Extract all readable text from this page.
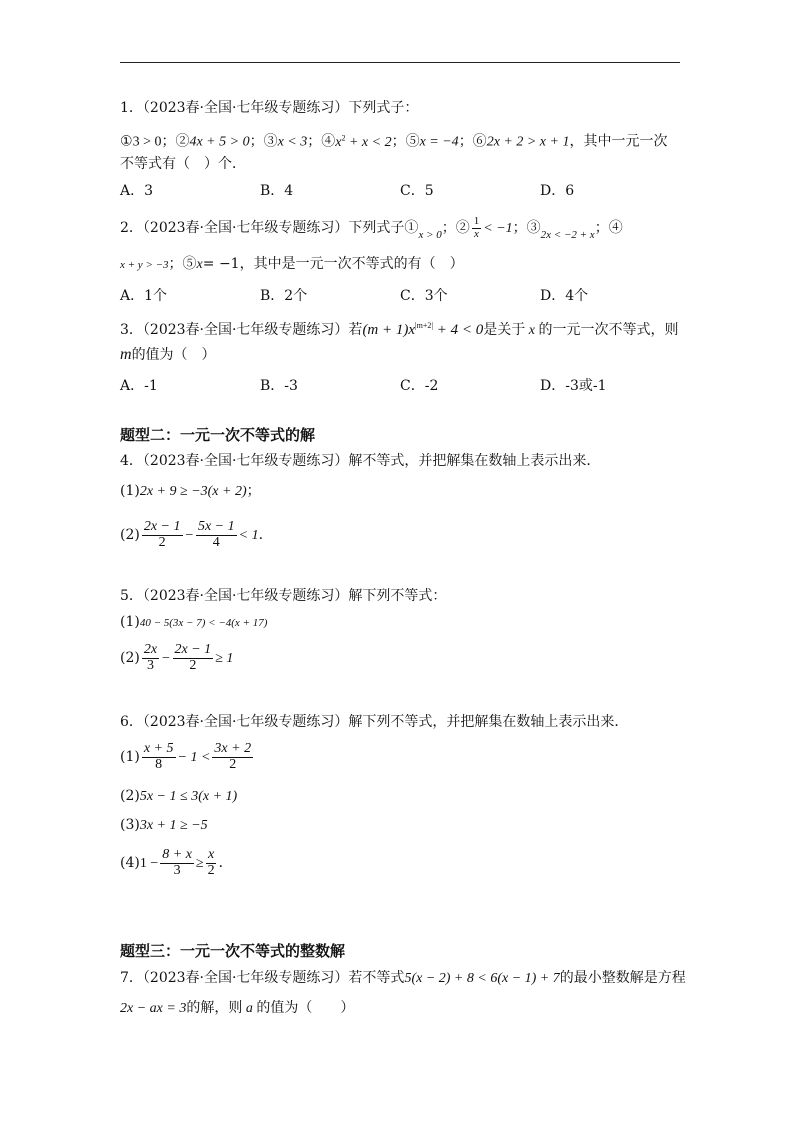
1．（2023春·全国·七年级专题练习）下列式子：
①3 > 0；②4x + 5 > 0；③x < 3；$④x^2 + x < 2$；⑤x = −4；⑥2x + 2 > x + 1，其中一元一次
不等式有（　）个．
A．3	B．4	C．5	D．6
2．（2023春·全国·七年级专题练习）下列式子$①_{x > 0}$；② $\frac{1}{x} < -1$；$③_{2x < -2 + x}$；④
x + y > −3；⑤x= −1，其中是一元一次不等式的有（　）
A．1个	B．2个	C．3个	D．4个
3．（2023春·全国·七年级专题练习）若$(m + 1)x^{|m+2|} + 4 < 0$是关于 x 的一元一次不等式，则
m的值为（　）
A．-1	B．-3	C．-2	D．-3或-1
题型二：一元一次不等式的解
4．（2023春·全国·七年级专题练习）解不等式，并把解集在数轴上表示出来．
(1)2x + 9 ≥ −3(x + 2)；
$(2) \frac{2x - 1}{2} - \frac{5x - 1}{4} < 1$．
5．（2023春·全国·七年级专题练习）解下列不等式：
(1)40 − 5(3x − 7) < −4(x + 17)
$(2) \frac{2x}{3} - \frac{2x - 1}{2} \ge 1$
6．（2023春·全国·七年级专题练习）解下列不等式，并把解集在数轴上表示出来．
$(1) \frac{x + 5}{8} - 1 < \frac{3x + 2}{2}$
(2)5x − 1 ≤ 3(x + 1)
(3)3x + 1 ≥ −5
$(4)1 - \frac{8 + x}{3} \ge \frac{x}{2}$ ．
题型三：一元一次不等式的整数解
7．（2023春·全国·七年级专题练习）若不等式5(x − 2) + 8 < 6(x − 1) + 7的最小整数解是方程
2x − ax = 3的解，则 a 的值为（　　）
